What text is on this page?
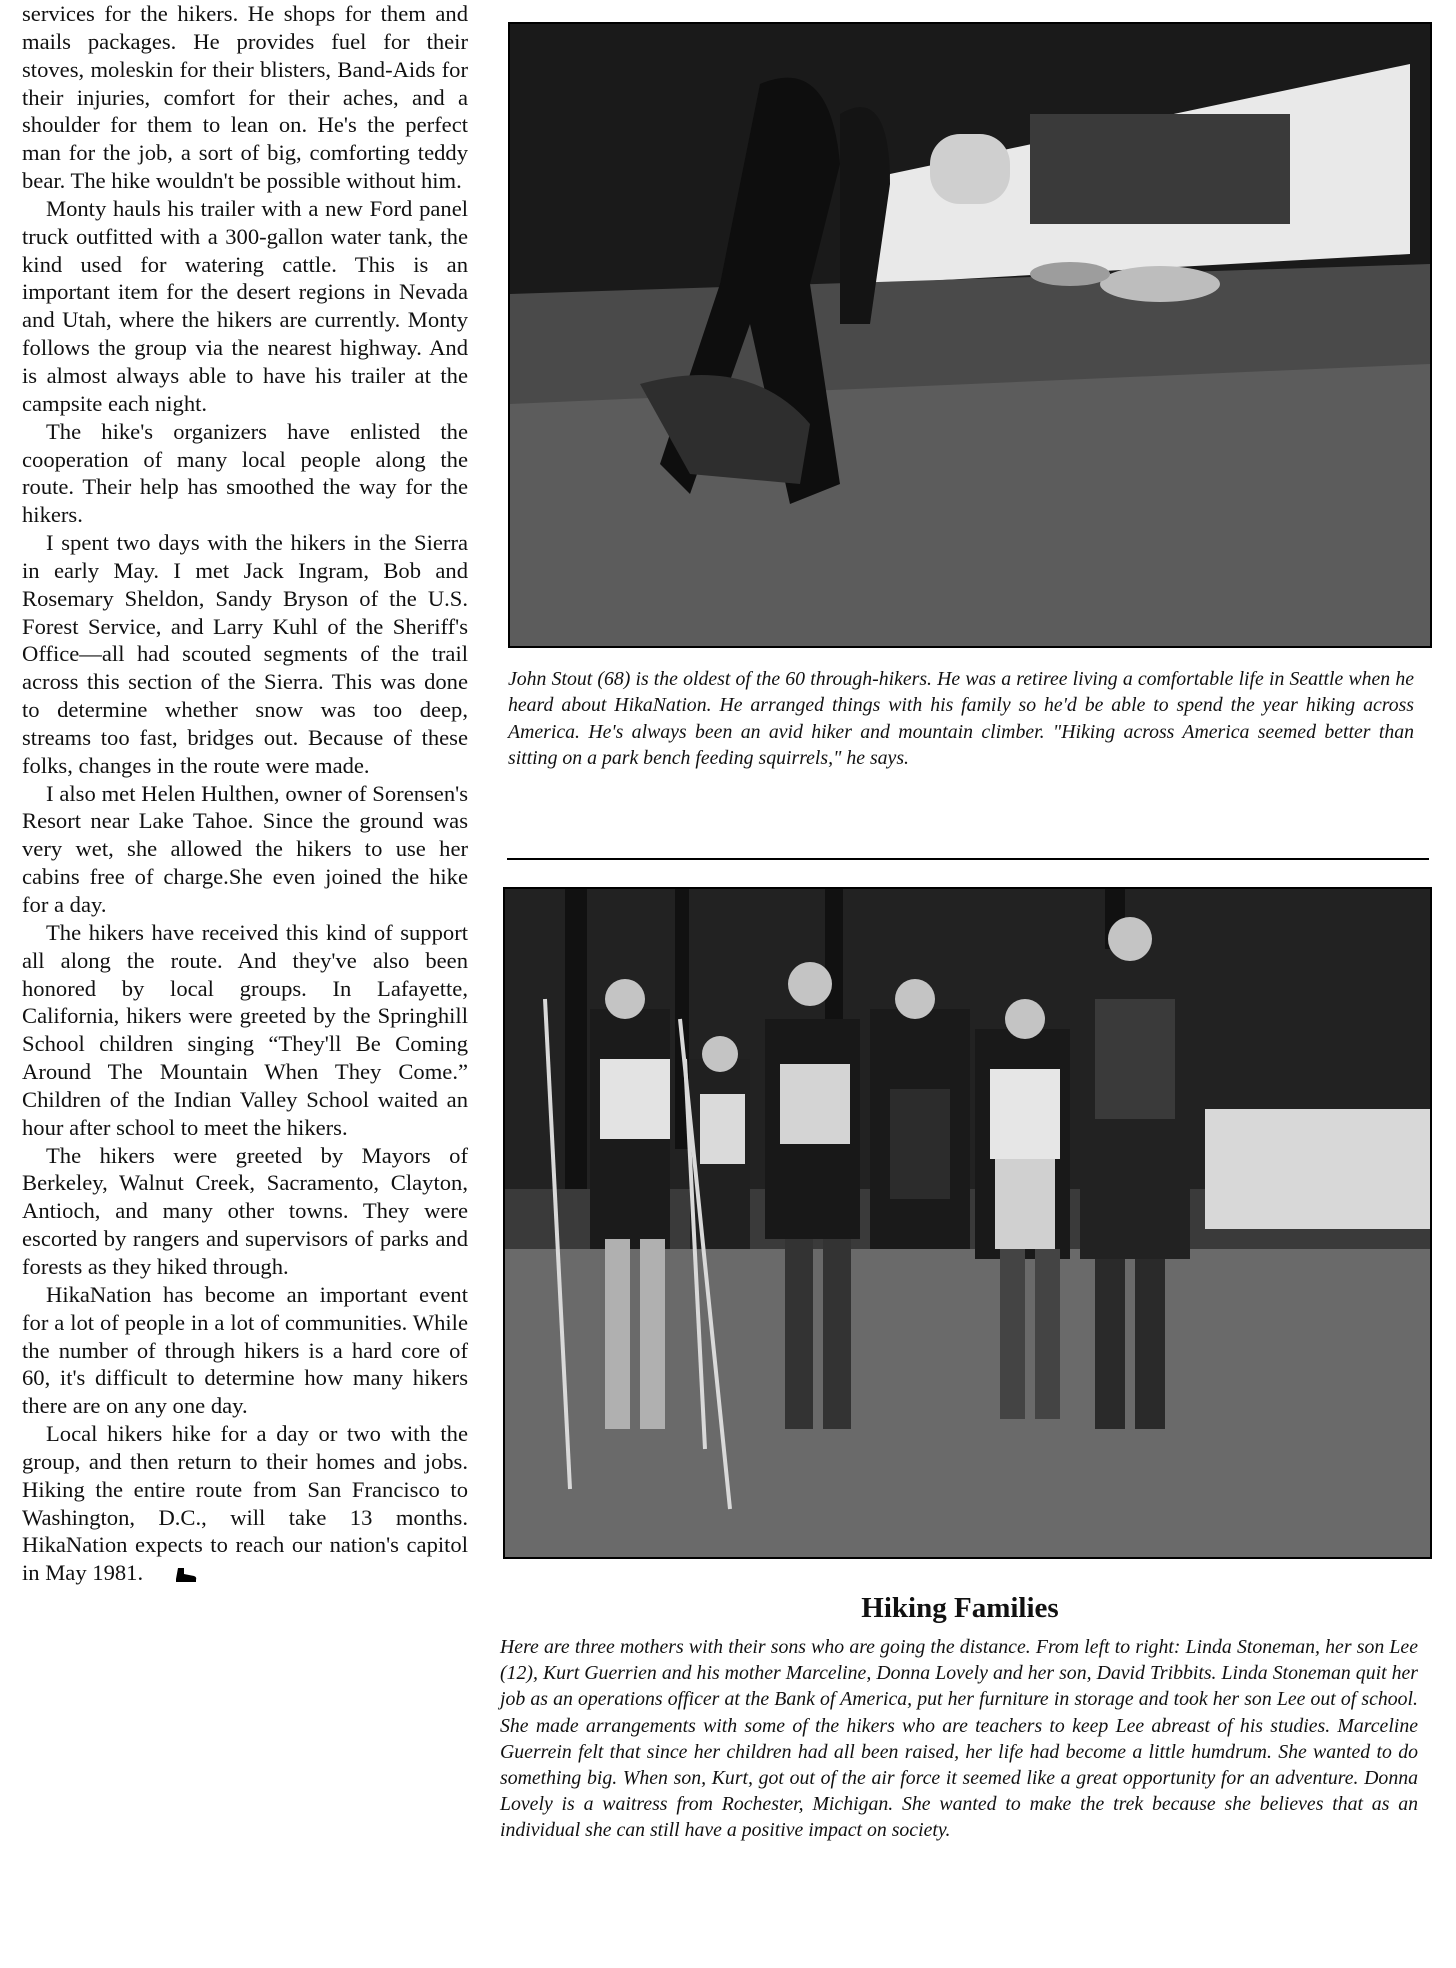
services for the hikers. He shops for them and mails packages. He provides fuel for their stoves, moleskin for their blisters, Band-Aids for their injuries, comfort for their aches, and a shoulder for them to lean on. He's the perfect man for the job, a sort of big, comforting teddy bear. The hike wouldn't be possible without him.

Monty hauls his trailer with a new Ford panel truck outfitted with a 300-gallon water tank, the kind used for watering cattle. This is an important item for the desert regions in Nevada and Utah, where the hikers are currently. Monty follows the group via the nearest highway. And is almost always able to have his trailer at the campsite each night.

The hike's organizers have enlisted the cooperation of many local people along the route. Their help has smoothed the way for the hikers.

I spent two days with the hikers in the Sierra in early May. I met Jack Ingram, Bob and Rosemary Sheldon, Sandy Bryson of the U.S. Forest Service, and Larry Kuhl of the Sheriff's Office—all had scouted segments of the trail across this section of the Sierra. This was done to determine whether snow was too deep, streams too fast, bridges out. Because of these folks, changes in the route were made.

I also met Helen Hulthen, owner of Sorensen's Resort near Lake Tahoe. Since the ground was very wet, she allowed the hikers to use her cabins free of charge.She even joined the hike for a day.

The hikers have received this kind of support all along the route. And they've also been honored by local groups. In Lafayette, California, hikers were greeted by the Springhill School children singing “They'll Be Coming Around The Mountain When They Come.” Children of the Indian Valley School waited an hour after school to meet the hikers.

The hikers were greeted by Mayors of Berkeley, Walnut Creek, Sacramento, Clayton, Antioch, and many other towns. They were escorted by rangers and supervisors of parks and forests as they hiked through.

HikaNation has become an important event for a lot of people in a lot of communities. While the number of through hikers is a hard core of 60, it's difficult to determine how many hikers there are on any one day.

Local hikers hike for a day or two with the group, and then return to their homes and jobs. Hiking the entire route from San Francisco to Washington, D.C., will take 13 months. HikaNation expects to reach our nation's capitol in May 1981.

John Stout (68) is the oldest of the 60 through-hikers. He was a retiree living a comfortable life in Seattle when he heard about HikaNation. He arranged things with his family so he'd be able to spend the year hiking across America. He's always been an avid hiker and mountain climber. "Hiking across America seemed better than sitting on a park bench feeding squirrels," he says.
Hiking Families
Here are three mothers with their sons who are going the distance. From left to right: Linda Stoneman, her son Lee (12), Kurt Guerrien and his mother Marceline, Donna Lovely and her son, David Tribbits. Linda Stoneman quit her job as an operations officer at the Bank of America, put her furniture in storage and took her son Lee out of school. She made arrangements with some of the hikers who are teachers to keep Lee abreast of his studies. Marceline Guerrein felt that since her children had all been raised, her life had become a little humdrum. She wanted to do something big. When son, Kurt, got out of the air force it seemed like a great opportunity for an adventure. Donna Lovely is a waitress from Rochester, Michigan. She wanted to make the trek because she believes that as an individual she can still have a positive impact on society.
